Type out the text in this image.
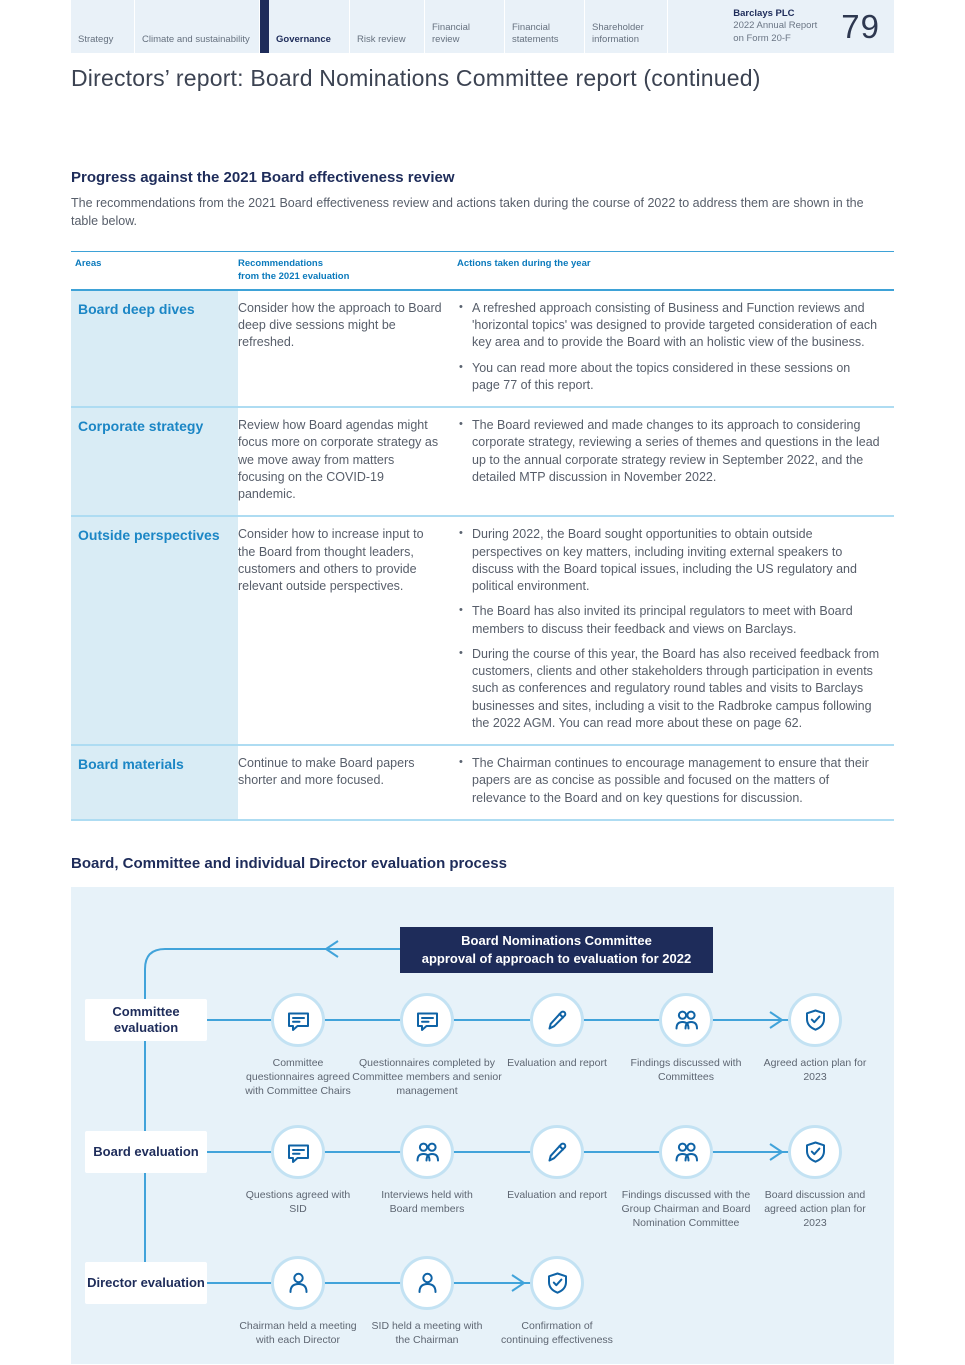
Strategy	Climate and sustainability	Governance	Risk review
Financial review
Financial statements
Shareholder information
Barclays PLC
2022 Annual Report
on Form 20-F	79
Directors’ report: Board Nominations Committee report (continued)
Progress against the 2021 Board effectiveness review

The recommendations from the 2021 Board effectiveness review and actions taken during the course of 2022 to address them are shown in the table below.

Areas	Recommendations
from the 2021 evaluation
Actions taken during the year
Board deep dives	Consider how the approach to Board deep dive sessions might be refreshed.
• A refreshed approach consisting of Business and Function reviews and 'horizontal topics' was designed to provide targeted consideration of each key area and to provide the Board with an holistic view of the business.
• You can read more about the topics considered in these sessions on page 77 of this report.
Corporate strategy	Review how Board agendas might focus more on corporate strategy as we move away from matters focusing on the COVID-19 pandemic.
• The Board reviewed and made changes to its approach to considering corporate strategy, reviewing a series of themes and questions in the lead up to the annual corporate strategy review in September 2022, and the detailed MTP discussion in November 2022.
Outside perspectives	Consider how to increase input to the Board from thought leaders, customers and others to provide relevant outside perspectives.
• During 2022, the Board sought opportunities to obtain outside perspectives on key matters, including inviting external speakers to discuss with the Board topical issues, including the US regulatory and political environment.
• The Board has also invited its principal regulators to meet with Board members to discuss their feedback and views on Barclays.
• During the course of this year, the Board has also received feedback from customers, clients and other stakeholders through participation in events such as conferences and regulatory round tables and visits to Barclays businesses and sites, including a visit to the Radbroke campus following the 2022 AGM. You can read more about these on page 62.
Board materials	Continue to make Board papers shorter and more focused.
• The Chairman continues to encourage management to ensure that their papers are as concise as possible and focused on the matters of relevance to the Board and on key questions for discussion.
Board, Committee and individual Director evaluation process
Board Nominations Committee
approval of approach to evaluation for 2022
Committee evaluation
Board evaluation
Director evaluation
Committee questionnaires agreed with Committee Chairs
Questionnaires completed by Committee members and senior management
Evaluation and report	Findings discussed with Committees
Agreed action plan for 2023
Questions agreed with SID
Interviews held with Board members
Evaluation and report	Findings discussed with the Group Chairman and Board Nomination Committee
Board discussion and agreed action plan for 2023
Chairman held a meeting with each Director
SID held a meeting with the Chairman
Confirmation of continuing effectiveness
